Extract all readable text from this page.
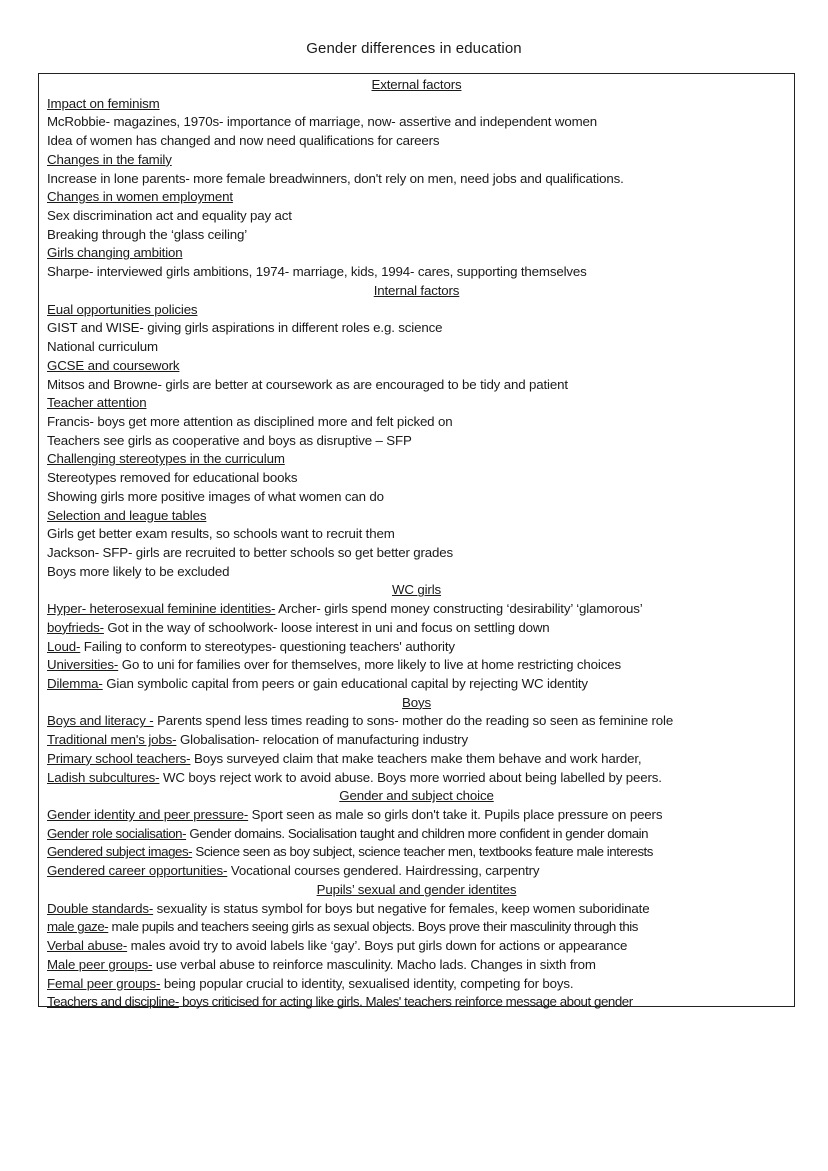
Gender differences in education
External factors
Impact on feminism
McRobbie- magazines, 1970s- importance of marriage, now- assertive and independent women
Idea of women has changed and now need qualifications for careers
Changes in the family
Increase in lone parents- more female breadwinners, don't rely on men, need jobs and qualifications.
Changes in women employment
Sex discrimination act and equality pay act
Breaking through the ‘glass ceiling’
Girls changing ambition
Sharpe- interviewed girls ambitions, 1974- marriage, kids, 1994- cares, supporting themselves
Internal factors
Eual opportunities policies
GIST and WISE- giving girls aspirations in different roles e.g. science
National curriculum
GCSE and coursework
Mitsos and Browne- girls are better at coursework as are encouraged to be tidy and patient
Teacher attention
Francis- boys get more attention as disciplined more and felt picked on
Teachers see girls as cooperative and boys as disruptive – SFP
Challenging stereotypes in the curriculum
Stereotypes removed for educational books
Showing girls more positive images of what women can do
Selection and league tables
Girls get better exam results, so schools want to recruit them
Jackson- SFP- girls are recruited to better schools so get better grades
Boys more likely to be excluded
WC girls
Hyper- heterosexual feminine identities- Archer- girls spend money constructing ‘desirability’ ‘glamorous’
boyfrieds- Got in the way of schoolwork- loose interest in uni and focus on settling down
Loud- Failing to conform to stereotypes- questioning teachers' authority
Universities- Go to uni for families over for themselves, more likely to live at home restricting choices
Dilemma- Gian symbolic capital from peers or gain educational capital by rejecting WC identity
Boys
Boys and literacy - Parents spend less times reading to sons- mother do the reading so seen as feminine role
Traditional men's jobs- Globalisation- relocation of manufacturing industry
Primary school teachers- Boys surveyed claim that make teachers make them behave and work harder,
Ladish subcultures- WC boys reject work to avoid abuse. Boys more worried about being labelled by peers.
Gender and subject choice
Gender identity and peer pressure- Sport seen as male so girls don't take it. Pupils place pressure on peers
Gender role socialisation- Gender domains. Socialisation taught and children more confident in gender domain
Gendered subject images- Science seen as boy subject, science teacher men, textbooks feature male interests
Gendered career opportunities- Vocational courses gendered. Hairdressing, carpentry
Pupils’ sexual and gender identites
Double standards- sexuality is status symbol for boys but negative for females, keep women suboridinate
male gaze- male pupils and teachers seeing girls as sexual objects. Boys prove their masculinity through this
Verbal abuse- males avoid try to avoid labels like ‘gay’. Boys put girls down for actions or appearance
Male peer groups- use verbal abuse to reinforce masculinity. Macho lads. Changes in sixth from
Femal peer groups- being popular crucial to identity, sexualised identity, competing for boys.
Teachers and discipline- boys criticised for acting like girls. Males' teachers reinforce message about gender
